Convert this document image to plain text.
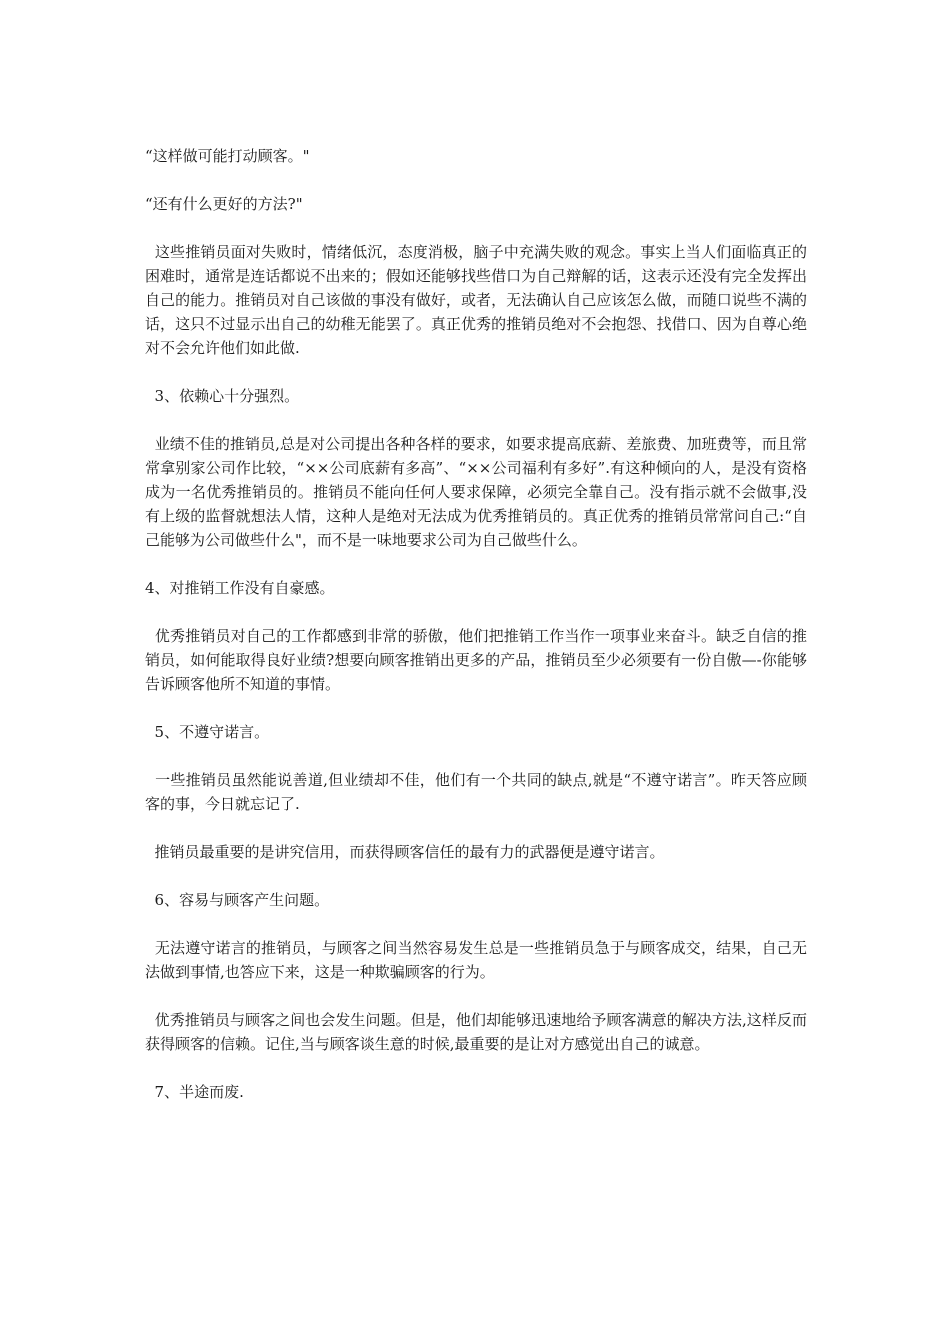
“这样做可能打动顾客。"

“还有什么更好的方法?"

这些推销员面对失败时，情绪低沉，态度消极，脑子中充满失败的观念。事实上当人们面临真正的困难时，通常是连话都说不出来的；假如还能够找些借口为自己辩解的话，这表示还没有完全发挥出自己的能力。推销员对自己该做的事没有做好，或者，无法确认自己应该怎么做，而随口说些不满的话，这只不过显示出自己的幼稚无能罢了。真正优秀的推销员绝对不会抱怨、找借口、因为自尊心绝对不会允许他们如此做.

3、依赖心十分强烈。

业绩不佳的推销员,总是对公司提出各种各样的要求，如要求提高底薪、差旅费、加班费等，而且常常拿别家公司作比较，“××公司底薪有多高”、“××公司福利有多好”.有这种倾向的人，是没有资格成为一名优秀推销员的。推销员不能向任何人要求保障，必须完全靠自己。没有指示就不会做事,没有上级的监督就想法人情，这种人是绝对无法成为优秀推销员的。真正优秀的推销员常常问自己:“自己能够为公司做些什么"，而不是一味地要求公司为自己做些什么。

4、对推销工作没有自豪感。

优秀推销员对自己的工作都感到非常的骄傲，他们把推销工作当作一项事业来奋斗。缺乏自信的推销员，如何能取得良好业绩?想要向顾客推销出更多的产品，推销员至少必须要有一份自傲—-你能够告诉顾客他所不知道的事情。

5、不遵守诺言。

一些推销员虽然能说善道,但业绩却不佳，他们有一个共同的缺点,就是“不遵守诺言”。昨天答应顾客的事，今日就忘记了.

推销员最重要的是讲究信用，而获得顾客信任的最有力的武器便是遵守诺言。

6、容易与顾客产生问题。

无法遵守诺言的推销员，与顾客之间当然容易发生总是一些推销员急于与顾客成交，结果，自己无法做到事情,也答应下来，这是一种欺骗顾客的行为。

优秀推销员与顾客之间也会发生问题。但是，他们却能够迅速地给予顾客满意的解决方法,这样反而获得顾客的信赖。记住,当与顾客谈生意的时候,最重要的是让对方感觉出自己的诚意。

7、半途而废.
